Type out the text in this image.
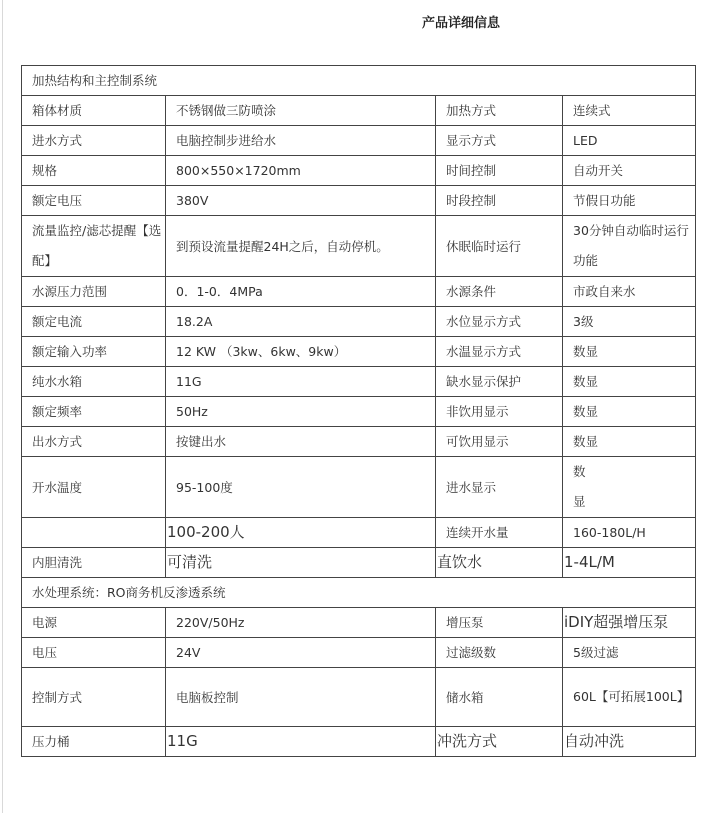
产品详细信息
加热结构和主控制系统			
箱体材质	不锈钢做三防喷涂	加热方式	连续式
进水方式	电脑控制步进给水	显示方式	LED
规格	800×550×1720mm	时间控制	自动开关
额定电压	380V	时段控制	节假日功能
流量监控/滤芯提醒【选配】	到预设流量提醒24H之后，自动停机。	休眠临时运行	30分钟自动临时运行功能
水源压力范围	0．1-0．4MPa	水源条件	市政自来水
额定电流	18.2A	水位显示方式	3级
额定输入功率	12 KW （3kw、6kw、9kw）	水温显示方式	数显
纯水水箱	11G	缺水显示保护	数显
额定频率	50Hz	非饮用显示	数显
出水方式	按键出水	可饮用显示	数显
开水温度	95-100度	进水显示	数显
	100-200人	连续开水量	160-180L/H
内胆清洗	可清洗	直饮水	1-4L/M
水处理系统：RO商务机反渗透系统			
电源	220V/50Hz	增压泵	iDIY超强增压泵
电压	24V	过滤级数	5级过滤
控制方式	电脑板控制	储水箱	60L【可拓展100L】
压力桶	11G	冲洗方式	自动冲洗
